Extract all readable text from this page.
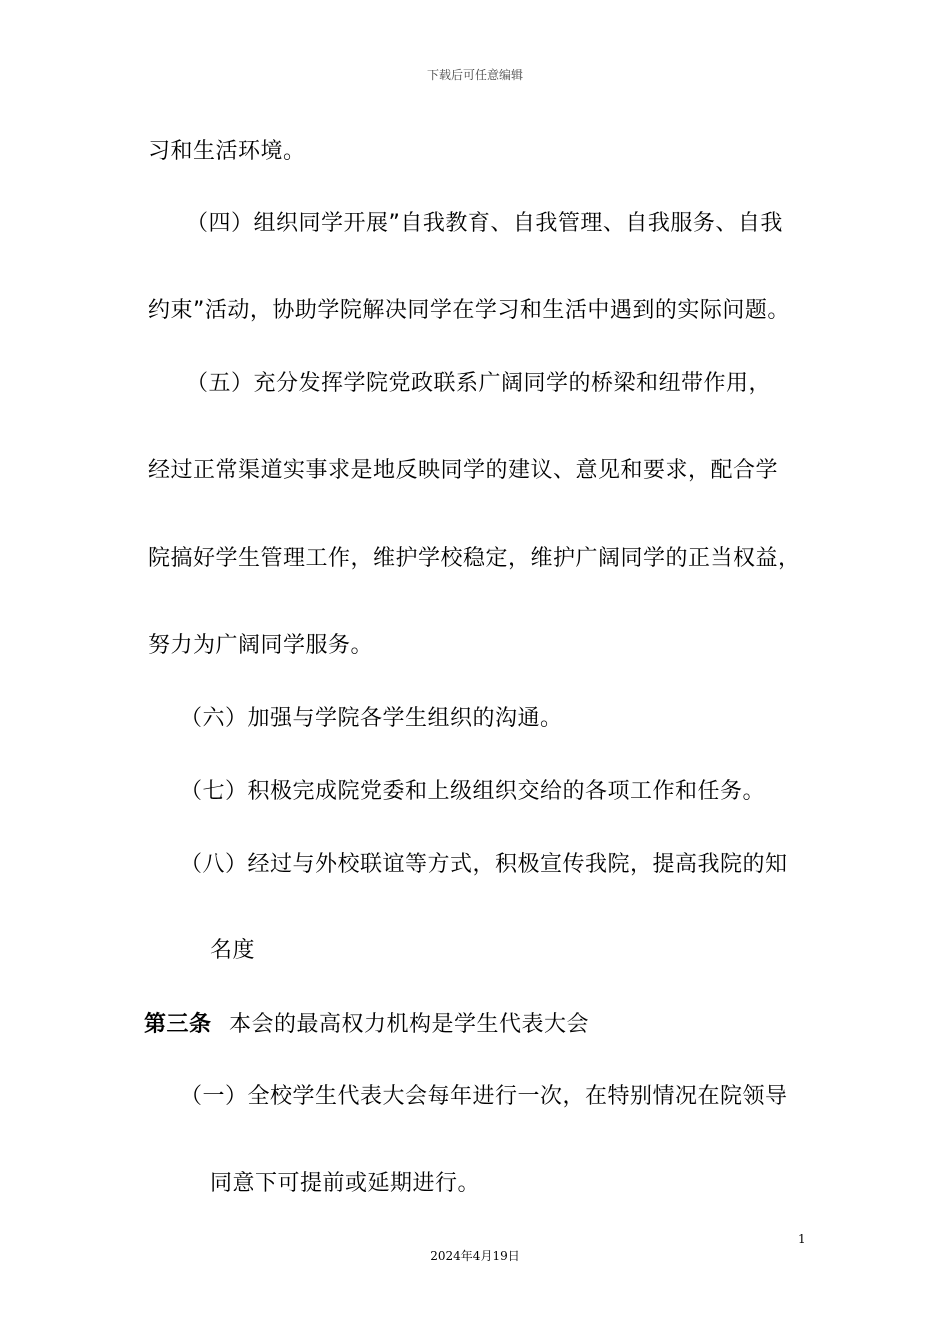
下载后可任意编辑
习和生活环境。
（四）组织同学开展”自我教育、自我管理、自我服务、自我
约束”活动，协助学院解决同学在学习和生活中遇到的实际问题。
（五）充分发挥学院党政联系广阔同学的桥梁和纽带作用，
经过正常渠道实事求是地反映同学的建议、意见和要求，配合学
院搞好学生管理工作，维护学校稳定，维护广阔同学的正当权益，
努力为广阔同学服务。
（六）加强与学院各学生组织的沟通。
（七）积极完成院党委和上级组织交给的各项工作和任务。
（八）经过与外校联谊等方式，积极宣传我院，提高我院的知
名度
第三条 本会的最高权力机构是学生代表大会
（一）全校学生代表大会每年进行一次，在特别情况在院领导
同意下可提前或延期进行。
1
2024年4月19日
